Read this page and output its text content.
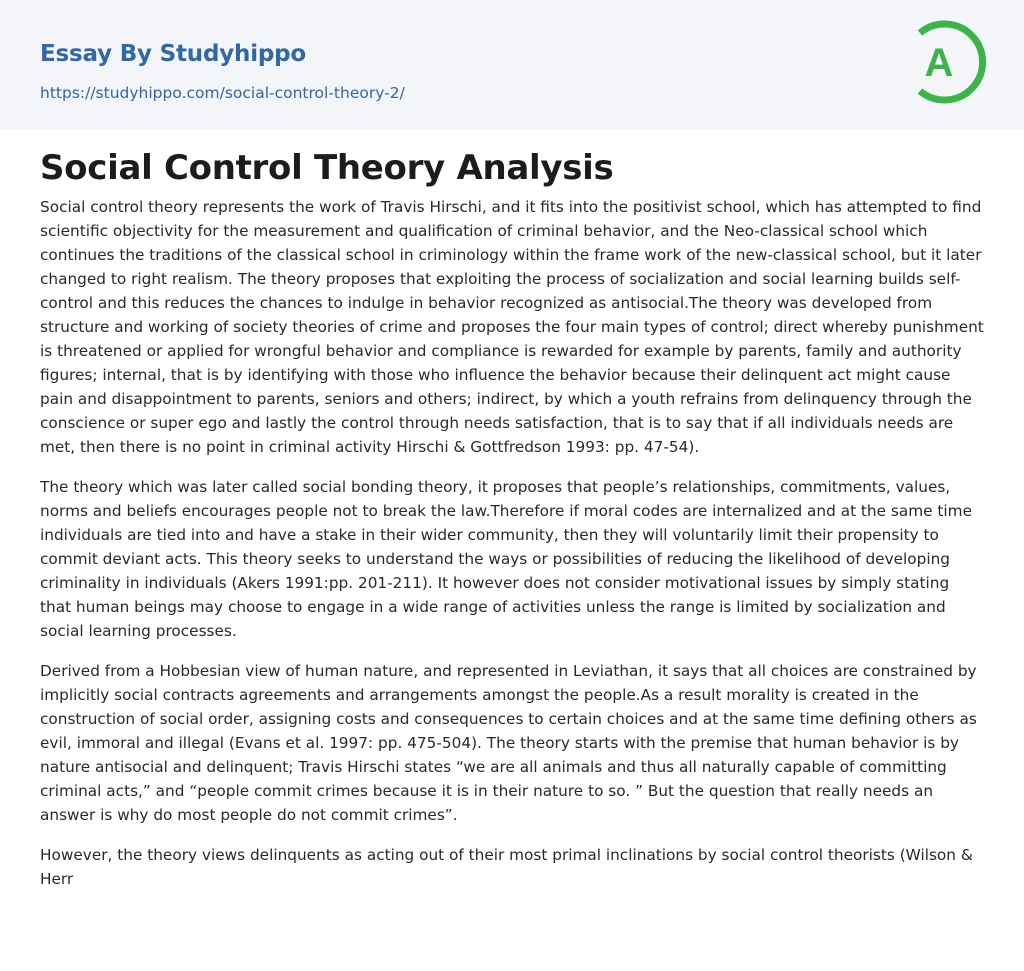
Essay By Studyhippo
https://studyhippo.com/social-control-theory-2/
A
Social Control Theory Analysis

Social control theory represents the work of Travis Hirschi, and it fits into the positivist school, which has attempted to find scientific objectivity for the measurement and qualification of criminal behavior, and the Neo-classical school which continues the traditions of the classical school in criminology within the frame work of the new-classical school, but it later changed to right realism. The theory proposes that exploiting the process of socialization and social learning builds self-control and this reduces the chances to indulge in behavior recognized as antisocial.The theory was developed from structure and working of society theories of crime and proposes the four main types of control; direct whereby punishment is threatened or applied for wrongful behavior and compliance is rewarded for example by parents, family and authority figures; internal, that is by identifying with those who influence the behavior because their delinquent act might cause pain and disappointment to parents, seniors and others; indirect, by which a youth refrains from delinquency through the conscience or super ego and lastly the control through needs satisfaction, that is to say that if all individuals needs are met, then there is no point in criminal activity Hirschi & Gottfredson 1993: pp. 47-54).

The theory which was later called social bonding theory, it proposes that people’s relationships, commitments, values, norms and beliefs encourages people not to break the law.Therefore if moral codes are internalized and at the same time individuals are tied into and have a stake in their wider community, then they will voluntarily limit their propensity to commit deviant acts. This theory seeks to understand the ways or possibilities of reducing the likelihood of developing criminality in individuals (Akers 1991:pp. 201-211). It however does not consider motivational issues by simply stating that human beings may choose to engage in a wide range of activities unless the range is limited by socialization and social learning processes.

Derived from a Hobbesian view of human nature, and represented in Leviathan, it says that all choices are constrained by implicitly social contracts agreements and arrangements amongst the people.As a result morality is created in the construction of social order, assigning costs and consequences to certain choices and at the same time defining others as evil, immoral and illegal (Evans et al. 1997: pp. 475-504). The theory starts with the premise that human behavior is by nature antisocial and delinquent; Travis Hirschi states “we are all animals and thus all naturally capable of committing criminal acts,” and “people commit crimes because it is in their nature to so. ” But the question that really needs an answer is why do most people do not commit crimes”.

However, the theory views delinquents as acting out of their most primal inclinations by social control theorists (Wilson & Herr
